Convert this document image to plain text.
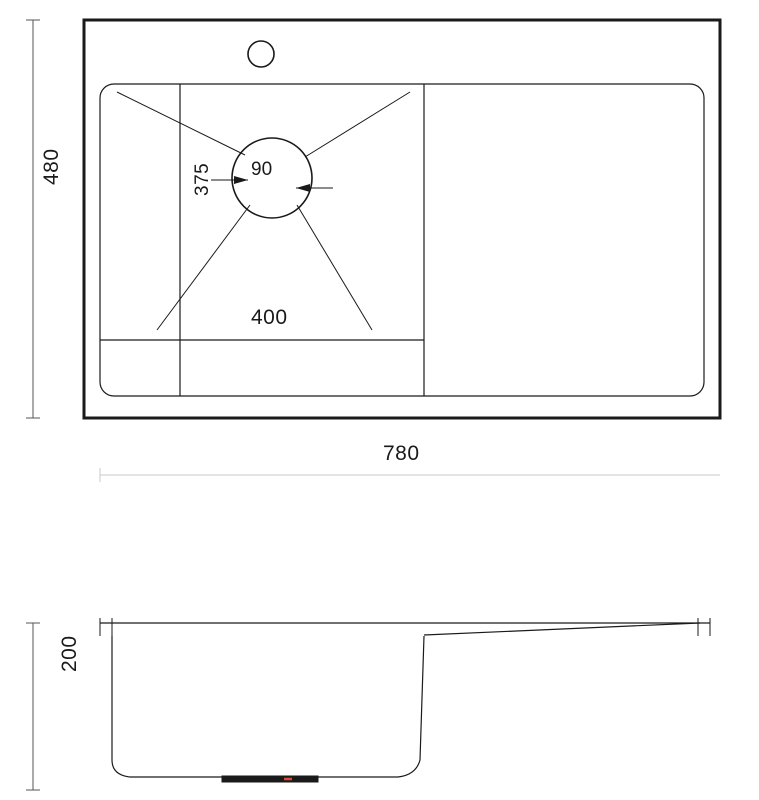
480
780
90
375
400
200
